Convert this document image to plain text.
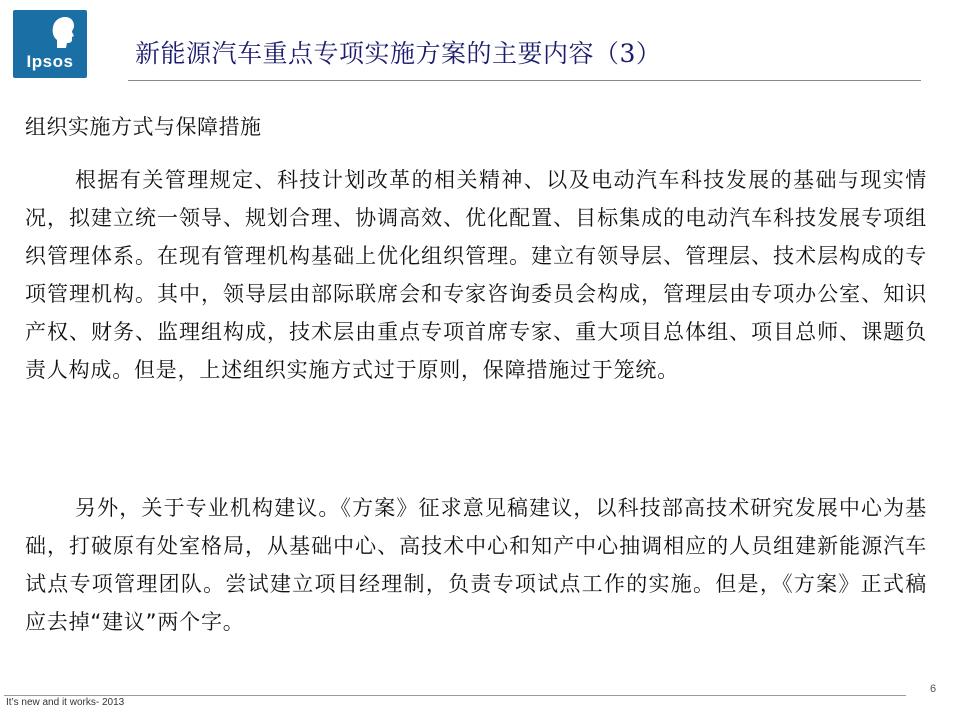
Ipsos	新能源汽车重点专项实施方案的主要内容（3）
组织实施方式与保障措施

根据有关管理规定、科技计划改革的相关精神、以及电动汽车科技发展的基础与现实情况，拟建立统一领导、规划合理、协调高效、优化配置、目标集成的电动汽车科技发展专项组织管理体系。在现有管理机构基础上优化组织管理。建立有领导层、管理层、技术层构成的专项管理机构。其中，领导层由部际联席会和专家咨询委员会构成，管理层由专项办公室、知识产权、财务、监理组构成，技术层由重点专项首席专家、重大项目总体组、项目总师、课题负责人构成。但是，上述组织实施方式过于原则，保障措施过于笼统。

另外，关于专业机构建议。《方案》征求意见稿建议，以科技部高技术研究发展中心为基础，打破原有处室格局，从基础中心、高技术中心和知产中心抽调相应的人员组建新能源汽车试点专项管理团队。尝试建立项目经理制，负责专项试点工作的实施。但是，《方案》正式稿应去掉“建议”两个字。

It’s new and it works- 2013
6
